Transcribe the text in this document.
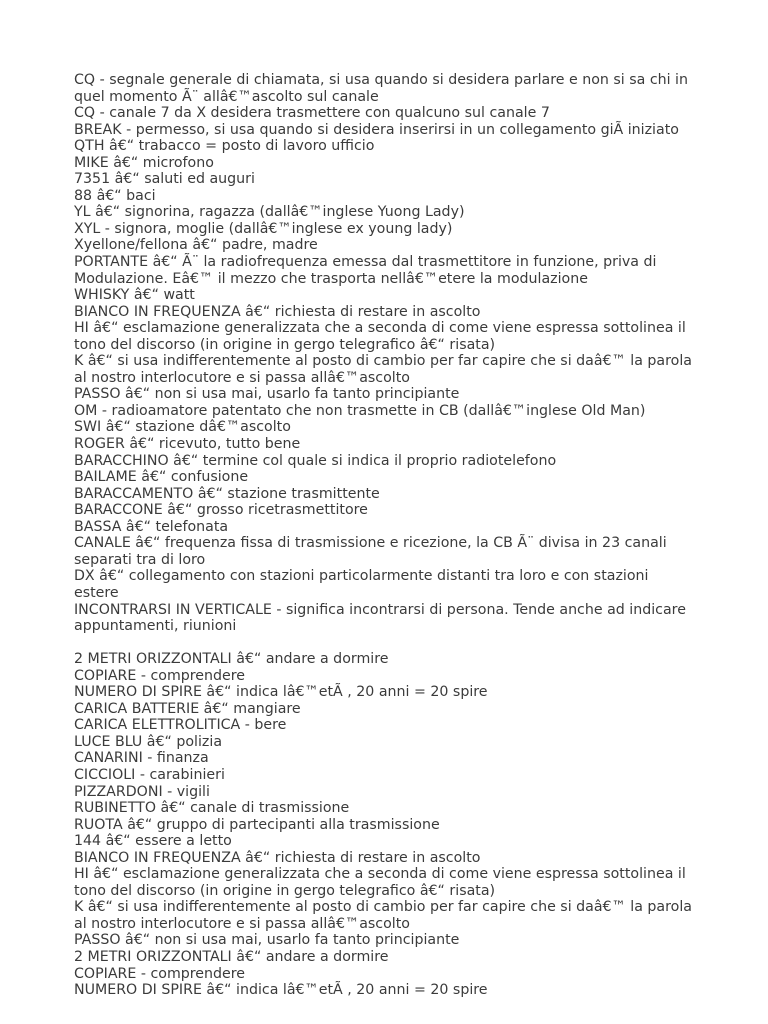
CQ - segnale generale di chiamata, si usa quando si desidera parlare e non si sa chi in
quel momento Ã¨ allâ€™ascolto sul canale
CQ - canale 7 da X desidera trasmettere con qualcuno sul canale 7
BREAK - permesso, si usa quando si desidera inserirsi in un collegamento giÃ iniziato
QTH â€“ trabacco = posto di lavoro ufficio
MIKE â€“ microfono
7351 â€“ saluti ed auguri
88 â€“ baci
YL â€“ signorina, ragazza (dallâ€™inglese Yuong Lady)
XYL - signora, moglie (dallâ€™inglese ex young lady)
Xyellone/fellona â€“ padre, madre
PORTANTE â€“ Ã¨ la radiofrequenza emessa dal trasmettitore in funzione, priva di
Modulazione. Eâ€™ il mezzo che trasporta nellâ€™etere la modulazione
WHISKY â€“ watt
BIANCO IN FREQUENZA â€“ richiesta di restare in ascolto
HI â€“ esclamazione generalizzata che a seconda di come viene espressa sottolinea il
tono del discorso (in origine in gergo telegrafico â€“ risata)
K â€“ si usa indifferentemente al posto di cambio per far capire che si daâ€™ la parola
al nostro interlocutore e si passa allâ€™ascolto
PASSO â€“ non si usa mai, usarlo fa tanto principiante
OM - radioamatore patentato che non trasmette in CB (dallâ€™inglese Old Man)
SWI â€“ stazione dâ€™ascolto
ROGER â€“ ricevuto, tutto bene
BARACCHINO â€“ termine col quale si indica il proprio radiotelefono
BAILAME â€“ confusione
BARACCAMENTO â€“ stazione trasmittente
BARACCONE â€“ grosso ricetrasmettitore
BASSA â€“ telefonata
CANALE â€“ frequenza fissa di trasmissione e ricezione, la CB Ã¨ divisa in 23 canali
separati tra di loro
DX â€“ collegamento con stazioni particolarmente distanti tra loro e con stazioni
estere
INCONTRARSI IN VERTICALE - significa incontrarsi di persona. Tende anche ad indicare
appuntamenti, riunioni
2 METRI ORIZZONTALI â€“ andare a dormire
COPIARE - comprendere
NUMERO DI SPIRE â€“ indica lâ€™etÃ , 20 anni = 20 spire
CARICA BATTERIE â€“ mangiare
CARICA ELETTROLITICA - bere
LUCE BLU â€“ polizia
CANARINI - finanza
CICCIOLI - carabinieri
PIZZARDONI - vigili
RUBINETTO â€“ canale di trasmissione
RUOTA â€“ gruppo di partecipanti alla trasmissione
144 â€“ essere a letto
BIANCO IN FREQUENZA â€“ richiesta di restare in ascolto
HI â€“ esclamazione generalizzata che a seconda di come viene espressa sottolinea il
tono del discorso (in origine in gergo telegrafico â€“ risata)
K â€“ si usa indifferentemente al posto di cambio per far capire che si daâ€™ la parola
al nostro interlocutore e si passa allâ€™ascolto
PASSO â€“ non si usa mai, usarlo fa tanto principiante
2 METRI ORIZZONTALI â€“ andare a dormire
COPIARE - comprendere
NUMERO DI SPIRE â€“ indica lâ€™etÃ , 20 anni = 20 spire
